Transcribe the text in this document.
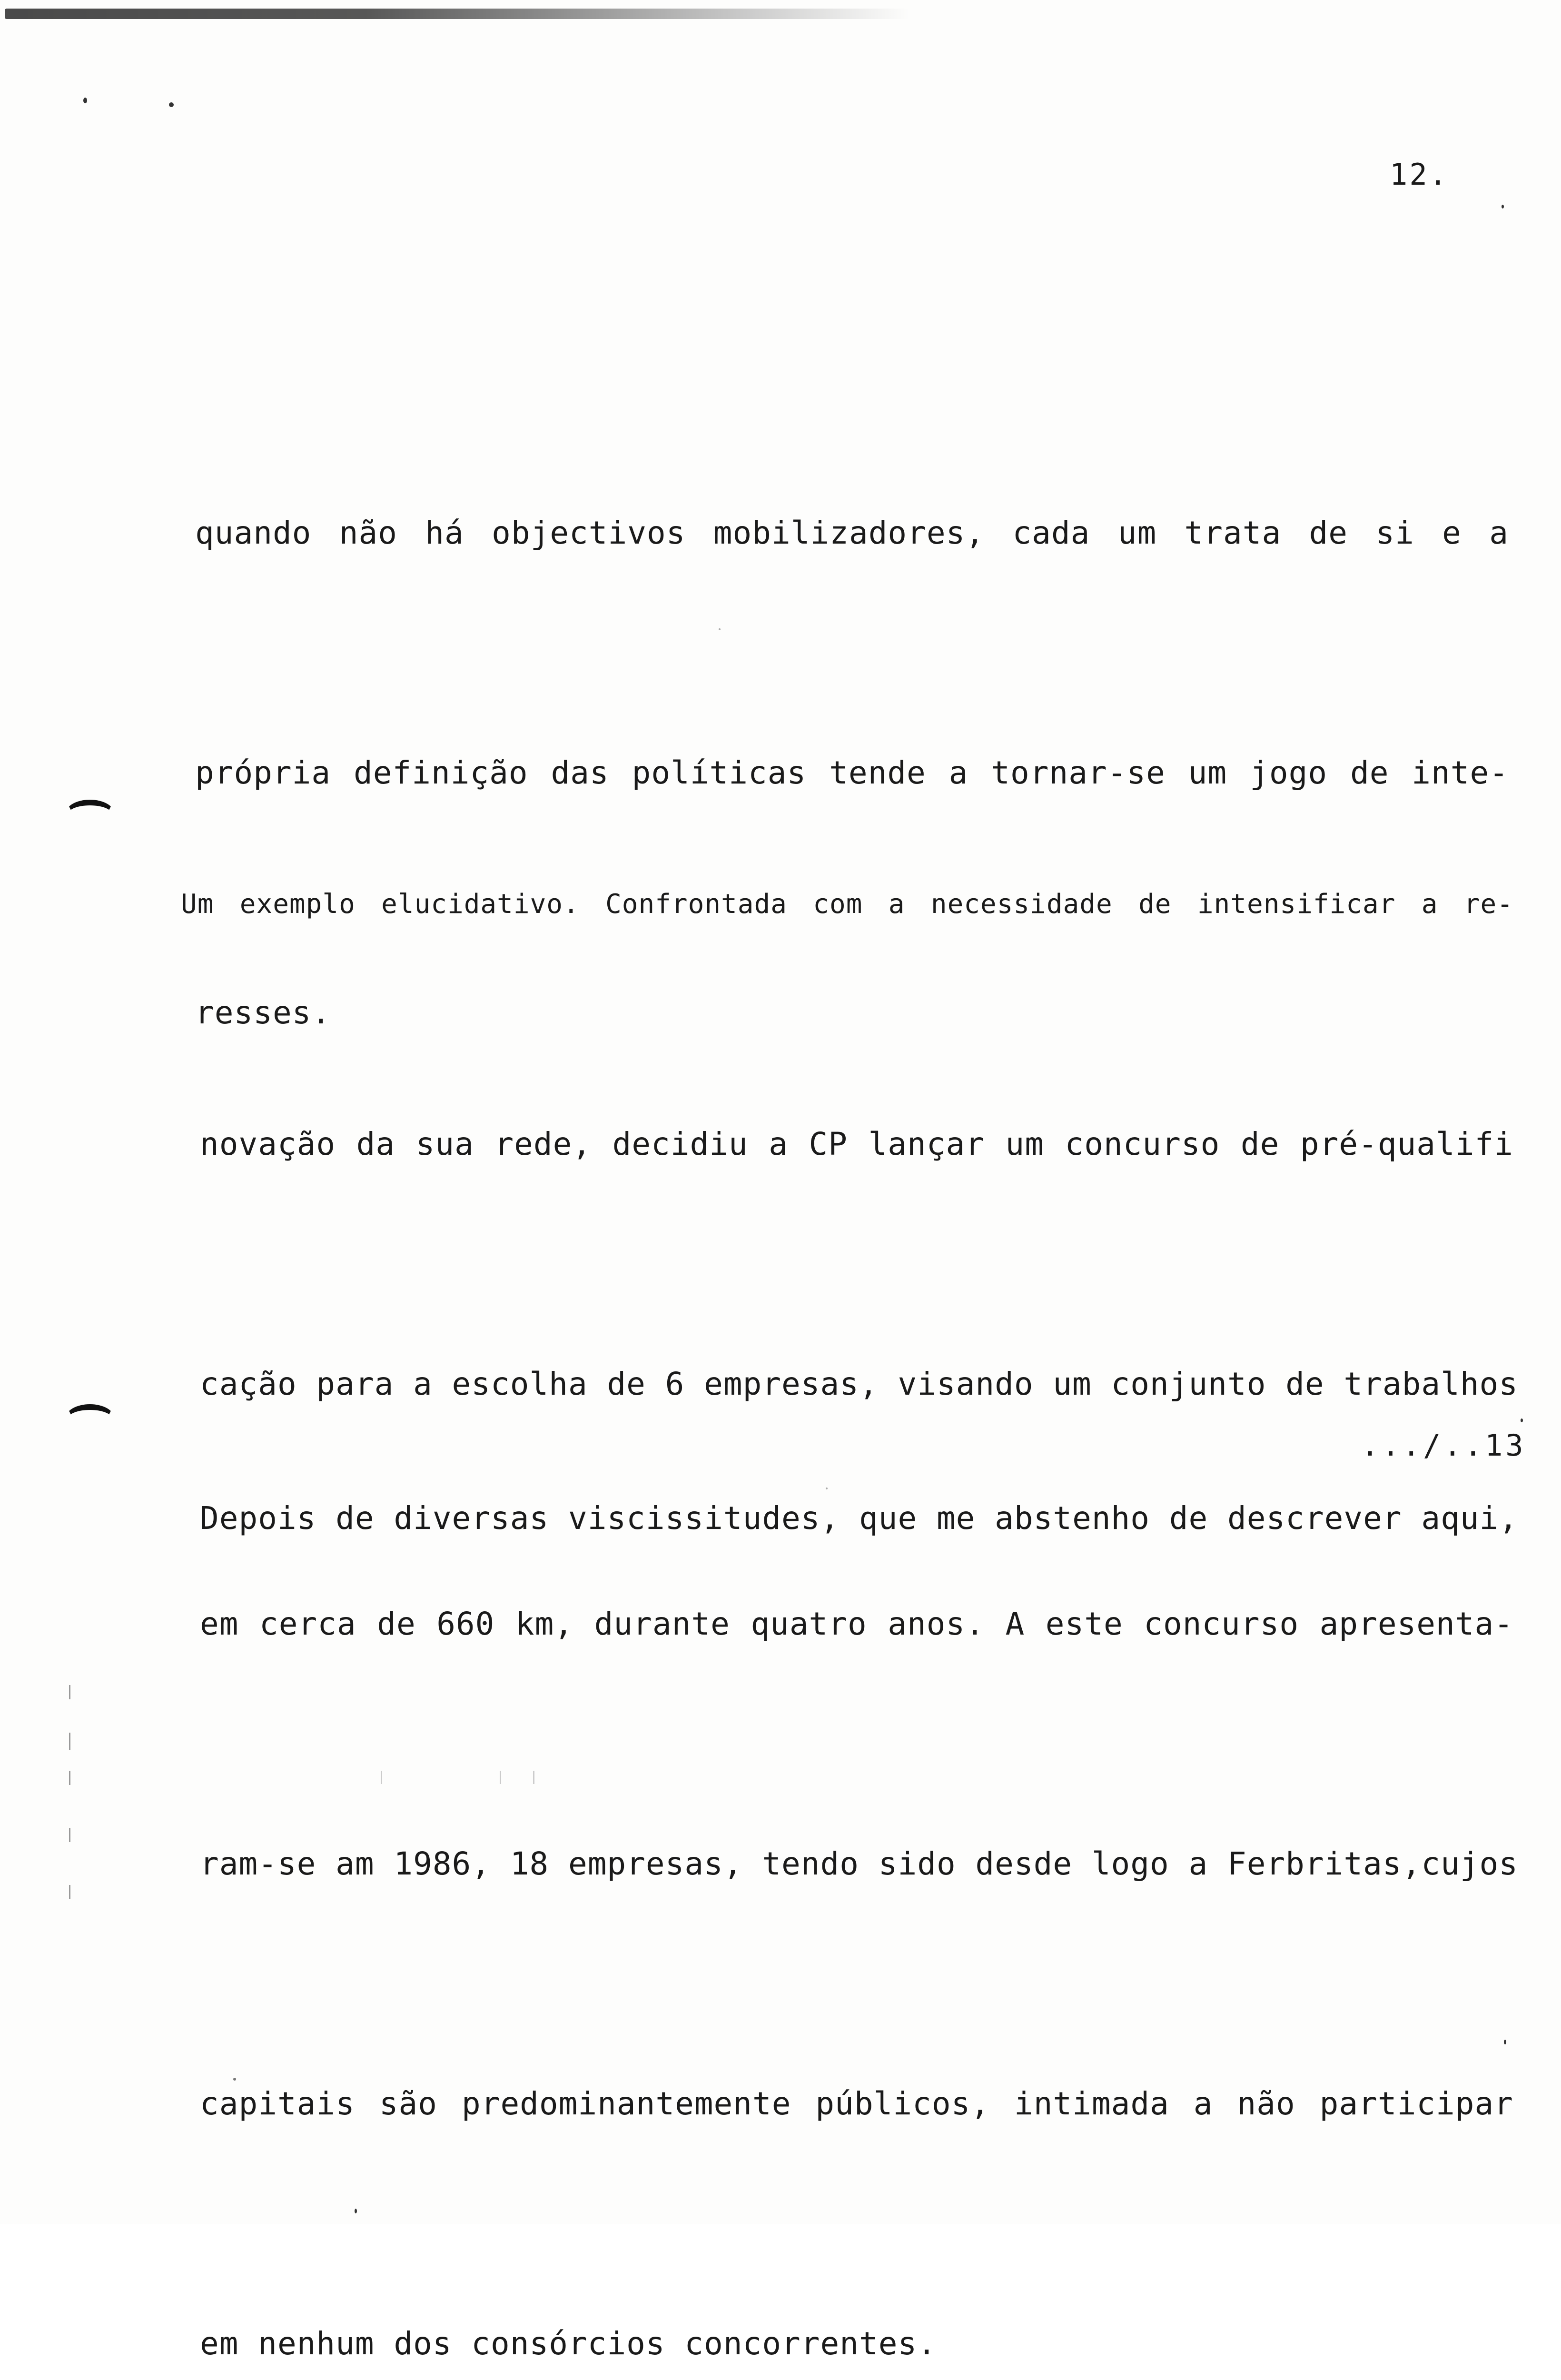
12.

quando não há objectivos mobilizadores, cada um trata de si e a

própria definição das políticas tende a tornar-se um jogo de inte-

resses.

Um exemplo elucidativo. Confrontada com a necessidade de intensificar a re-

novação da sua rede, decidiu a CP lançar um concurso de pré-qualifi

cação para a escolha de 6 empresas, visando um conjunto de trabalhos

em cerca de 660 km, durante quatro anos. A este concurso apresenta-

ram-se am 1986, 18 empresas, tendo sido desde logo a Ferbritas,cujos

capitais são predominantemente públicos, intimada a não participar

em nenhum dos consórcios concorrentes.

Depois de diversas viscissitudes, que me abstenho de descrever aqui,

.../..13
